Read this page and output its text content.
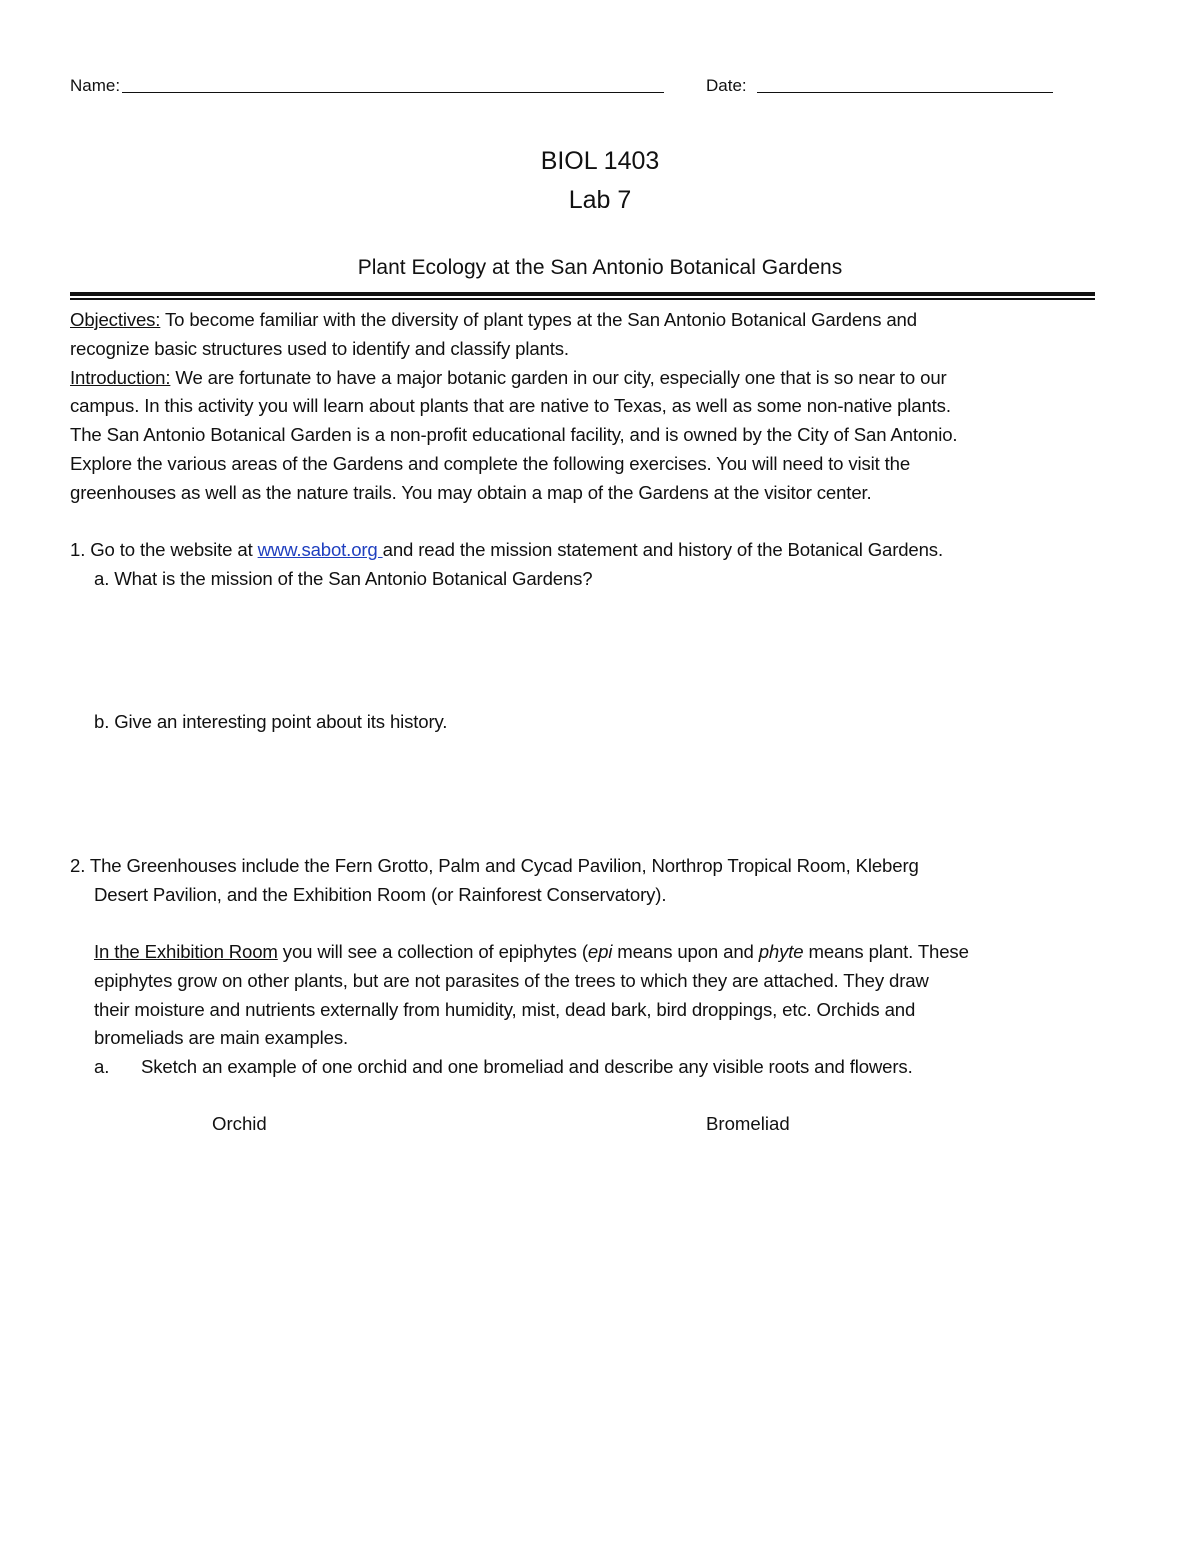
Name:	Date:
BIOL 1403
Lab 7
Plant Ecology at the San Antonio Botanical Gardens
Objectives: To become familiar with the diversity of plant types at the San Antonio Botanical Gardens and
recognize basic structures used to identify and classify plants.
Introduction: We are fortunate to have a major botanic garden in our city, especially one that is so near to our
campus. In this activity you will learn about plants that are native to Texas, as well as some non-native plants.
The San Antonio Botanical Garden is a non-profit educational facility, and is owned by the City of San Antonio.
Explore the various areas of the Gardens and complete the following exercises. You will need to visit the
greenhouses as well as the nature trails. You may obtain a map of the Gardens at the visitor center.
1. Go to the website at www.sabot.org and read the mission statement and history of the Botanical Gardens.
a. What is the mission of the San Antonio Botanical Gardens?
b. Give an interesting point about its history.
2. The Greenhouses include the Fern Grotto, Palm and Cycad Pavilion, Northrop Tropical Room, Kleberg
Desert Pavilion, and the Exhibition Room (or Rainforest Conservatory).
In the Exhibition Room you will see a collection of epiphytes (epi means upon and phyte means plant. These
epiphytes grow on other plants, but are not parasites of the trees to which they are attached. They draw
their moisture and nutrients externally from humidity, mist, dead bark, bird droppings, etc. Orchids and
bromeliads are main examples.
a. Sketch an example of one orchid and one bromeliad and describe any visible roots and flowers.
Orchid	Bromeliad
